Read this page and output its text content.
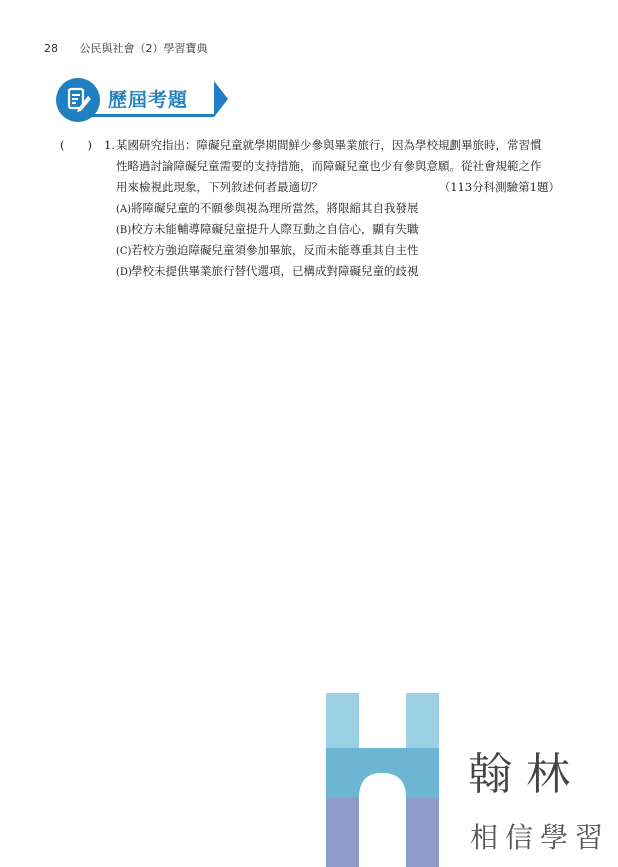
28 公民與社會（2）學習寶典
歷屆考題
(　　) 1. 某國研究指出：障礙兒童就學期間鮮少參與畢業旅行，因為學校規劃畢旅時，常習慣
性略過討論障礙兒童需要的支持措施，而障礙兒童也少有參與意願。從社會規範之作
用來檢視此現象，下列敘述何者最適切？	（113分科測驗第1題）
(A)將障礙兒童的不願參與視為理所當然，將限縮其自我發展
(B)校方未能輔導障礙兒童提升人際互動之自信心，顯有失職
(C)若校方強迫障礙兒童須參加畢旅，反而未能尊重其自主性
(D)學校未提供畢業旅行替代選項，已構成對障礙兒童的歧視
翰林
相信學習
